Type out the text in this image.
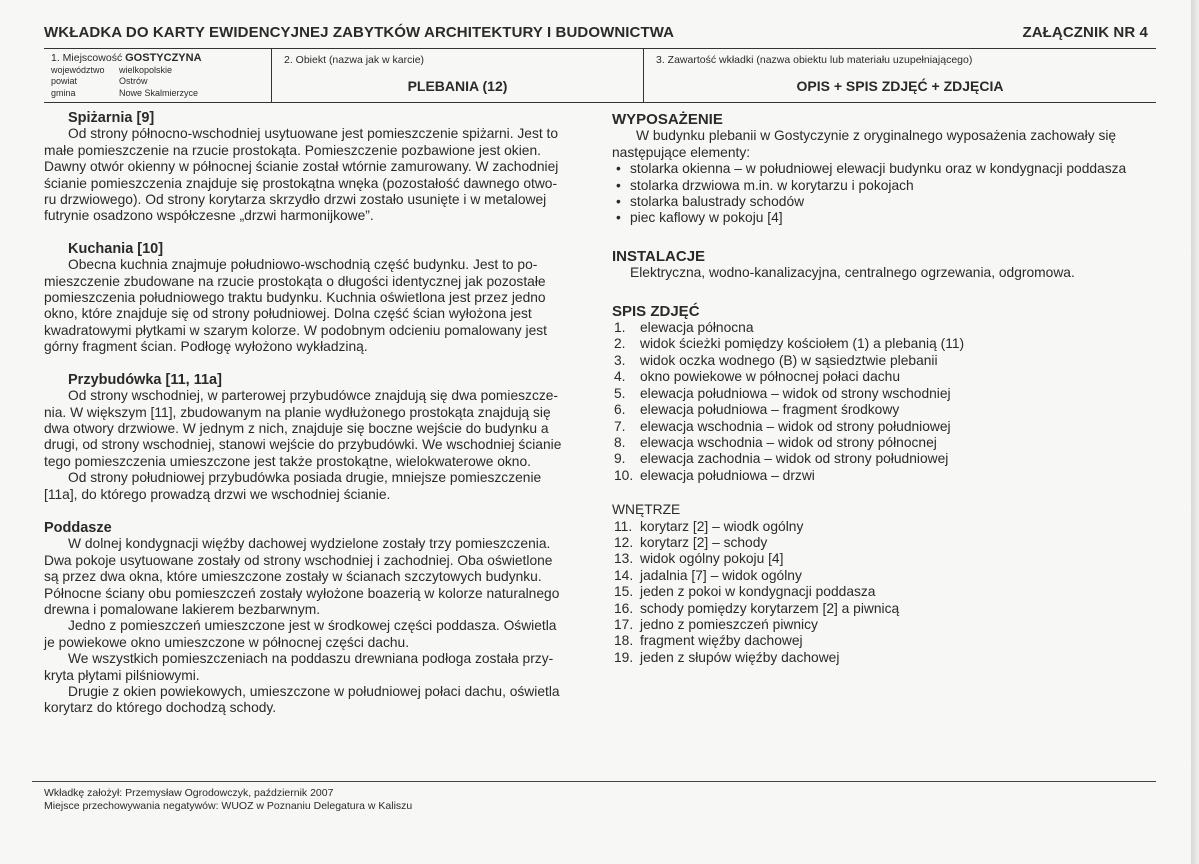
WKŁADKA DO KARTY EWIDENCYJNEJ ZABYTKÓW ARCHITEKTURY I BUDOWNICTWA	ZAŁĄCZNIK NR 4
1. Miejscowość GOSTYCZYNA
województwo	wielkopolskie
powiat	Ostrów
gmina	Nowe Skalmierzyce
2. Obiekt (nazwa jak w karcie)
PLEBANIA (12)
3. Zawartość wkładki (nazwa obiektu lub materiału uzupełniającego)
OPIS + SPIS ZDJĘĆ + ZDJĘCIA
Spiżarnia [9]
Od strony północno-wschodniej usytuowane jest pomieszczenie spiżarni. Jest to
małe pomieszczenie na rzucie prostokąta. Pomieszczenie pozbawione jest okien.
Dawny otwór okienny w północnej ścianie został wtórnie zamurowany. W zachodniej
ścianie pomieszczenia znajduje się prostokątna wnęka (pozostałość dawnego otwo-
ru drzwiowego). Od strony korytarza skrzydło drzwi zostało usunięte i w metalowej
futrynie osadzono współczesne „drzwi harmonijkowe”.
Kuchania [10]
Obecna kuchnia znajmuje południowo-wschodnią część budynku. Jest to po-
mieszczenie zbudowane na rzucie prostokąta o długości identycznej jak pozostałe
pomieszczenia południowego traktu budynku. Kuchnia oświetlona jest przez jedno
okno, które znajduje się od strony południowej. Dolna część ścian wyłożona jest
kwadratowymi płytkami w szarym kolorze. W podobnym odcieniu pomalowany jest
górny fragment ścian. Podłogę wyłożono wykładziną.
Przybudówka [11, 11a]
Od strony wschodniej, w parterowej przybudówce znajdują się dwa pomieszcze-
nia. W większym [11], zbudowanym na planie wydłużonego prostokąta znajdują się
dwa otwory drzwiowe. W jednym z nich, znajduje się boczne wejście do budynku a
drugi, od strony wschodniej, stanowi wejście do przybudówki. We wschodniej ścianie
tego pomieszczenia umieszczone jest także prostokątne, wielokwaterowe okno.
Od strony południowej przybudówka posiada drugie, mniejsze pomieszczenie
[11a], do którego prowadzą drzwi we wschodniej ścianie.
Poddasze
W dolnej kondygnacji więźby dachowej wydzielone zostały trzy pomieszczenia.
Dwa pokoje usytuowane zostały od strony wschodniej i zachodniej. Oba oświetlone
są przez dwa okna, które umieszczone zostały w ścianach szczytowych budynku.
Północne ściany obu pomieszczeń zostały wyłożone boazerią w kolorze naturalnego
drewna i pomalowane lakierem bezbarwnym.
Jedno z pomieszczeń umieszczone jest w środkowej części poddasza. Oświetla
je powiekowe okno umieszczone w północnej części dachu.
We wszystkich pomieszczeniach na poddaszu drewniana podłoga została przy-
kryta płytami pilśniowymi.
Drugie z okien powiekowych, umieszczone w południowej połaci dachu, oświetla
korytarz do którego dochodzą schody.
WYPOSAŻENIE
W budynku plebanii w Gostyczynie z oryginalnego wyposażenia zachowały się
następujące elementy:
• stolarka okienna – w południowej elewacji budynku oraz w kondygnacji poddasza
• stolarka drzwiowa m.in. w korytarzu i pokojach
• stolarka balustrady schodów
• piec kaflowy w pokoju [4]
INSTALACJE
Elektryczna, wodno-kanalizacyjna, centralnego ogrzewania, odgromowa.
SPIS ZDJĘĆ
1.	elewacja północna
2.	widok ścieżki pomiędzy kościołem (1) a plebanią (11)
3.	widok oczka wodnego (B) w sąsiedztwie plebanii
4.	okno powiekowe w północnej połaci dachu
5.	elewacja południowa – widok od strony wschodniej
6.	elewacja południowa – fragment środkowy
7.	elewacja wschodnia – widok od strony południowej
8.	elewacja wschodnia – widok od strony północnej
9.	elewacja zachodnia – widok od strony południowej
10. elewacja południowa – drzwi
WNĘTRZE
11. korytarz [2] – wiodk ogólny
12. korytarz [2] – schody
13. widok ogólny pokoju [4]
14. jadalnia [7] – widok ogólny
15. jeden z pokoi w kondygnacji poddasza
16. schody pomiędzy korytarzem [2] a piwnicą
17. jedno z pomieszczeń piwnicy
18. fragment więźby dachowej
19. jeden z słupów więźby dachowej
Wkładkę założył: Przemysław Ogrodowczyk, październik 2007
Miejsce przechowywania negatywów: WUOZ w Poznaniu Delegatura w Kaliszu
